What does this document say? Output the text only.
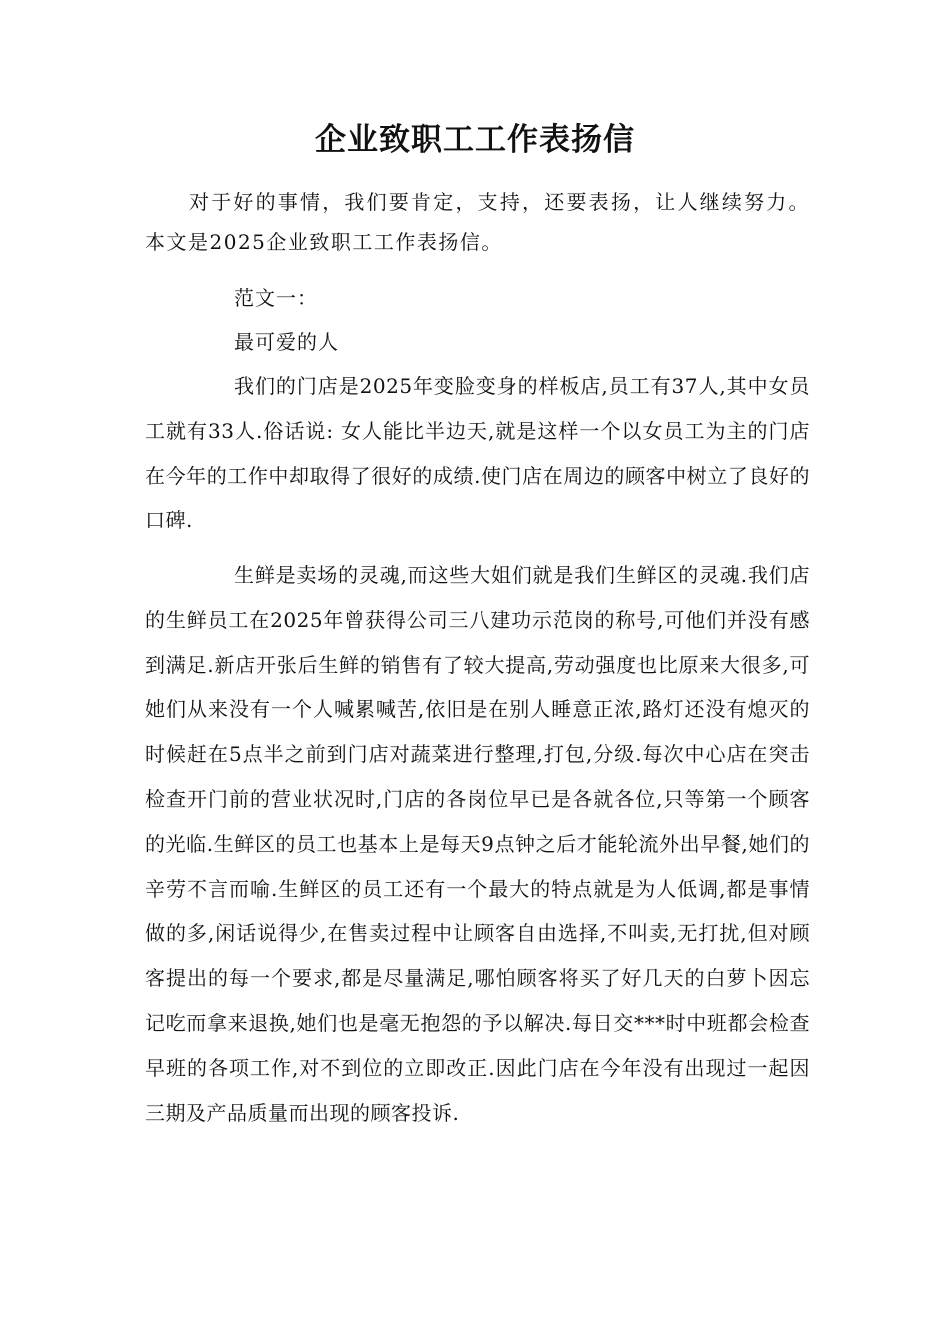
企业致职工工作表扬信
对于好的事情，我们要肯定，支持，还要表扬，让人继续努力。本文是2025企业致职工工作表扬信。
范文一：
最可爱的人
我们的门店是2025年变脸变身的样板店,员工有37人,其中女员工就有33人.俗话说: 女人能比半边天,就是这样一个以女员工为主的门店在今年的工作中却取得了很好的成绩.使门店在周边的顾客中树立了良好的口碑.
生鲜是卖场的灵魂,而这些大姐们就是我们生鲜区的灵魂.我们店的生鲜员工在2025年曾获得公司三八建功示范岗的称号,可他们并没有感到满足.新店开张后生鲜的销售有了较大提高,劳动强度也比原来大很多,可她们从来没有一个人喊累喊苦,依旧是在别人睡意正浓,路灯还没有熄灭的时候赶在5点半之前到门店对蔬菜进行整理,打包,分级.每次中心店在突击检查开门前的营业状况时,门店的各岗位早已是各就各位,只等第一个顾客的光临.生鲜区的员工也基本上是每天9点钟之后才能轮流外出早餐,她们的辛劳不言而喻.生鲜区的员工还有一个最大的特点就是为人低调,都是事情做的多,闲话说得少,在售卖过程中让顾客自由选择,不叫卖,无打扰,但对顾客提出的每一个要求,都是尽量满足,哪怕顾客将买了好几天的白萝卜因忘记吃而拿来退换,她们也是毫无抱怨的予以解决.每日交***时中班都会检查早班的各项工作,对不到位的立即改正.因此门店在今年没有出现过一起因三期及产品质量而出现的顾客投诉.
